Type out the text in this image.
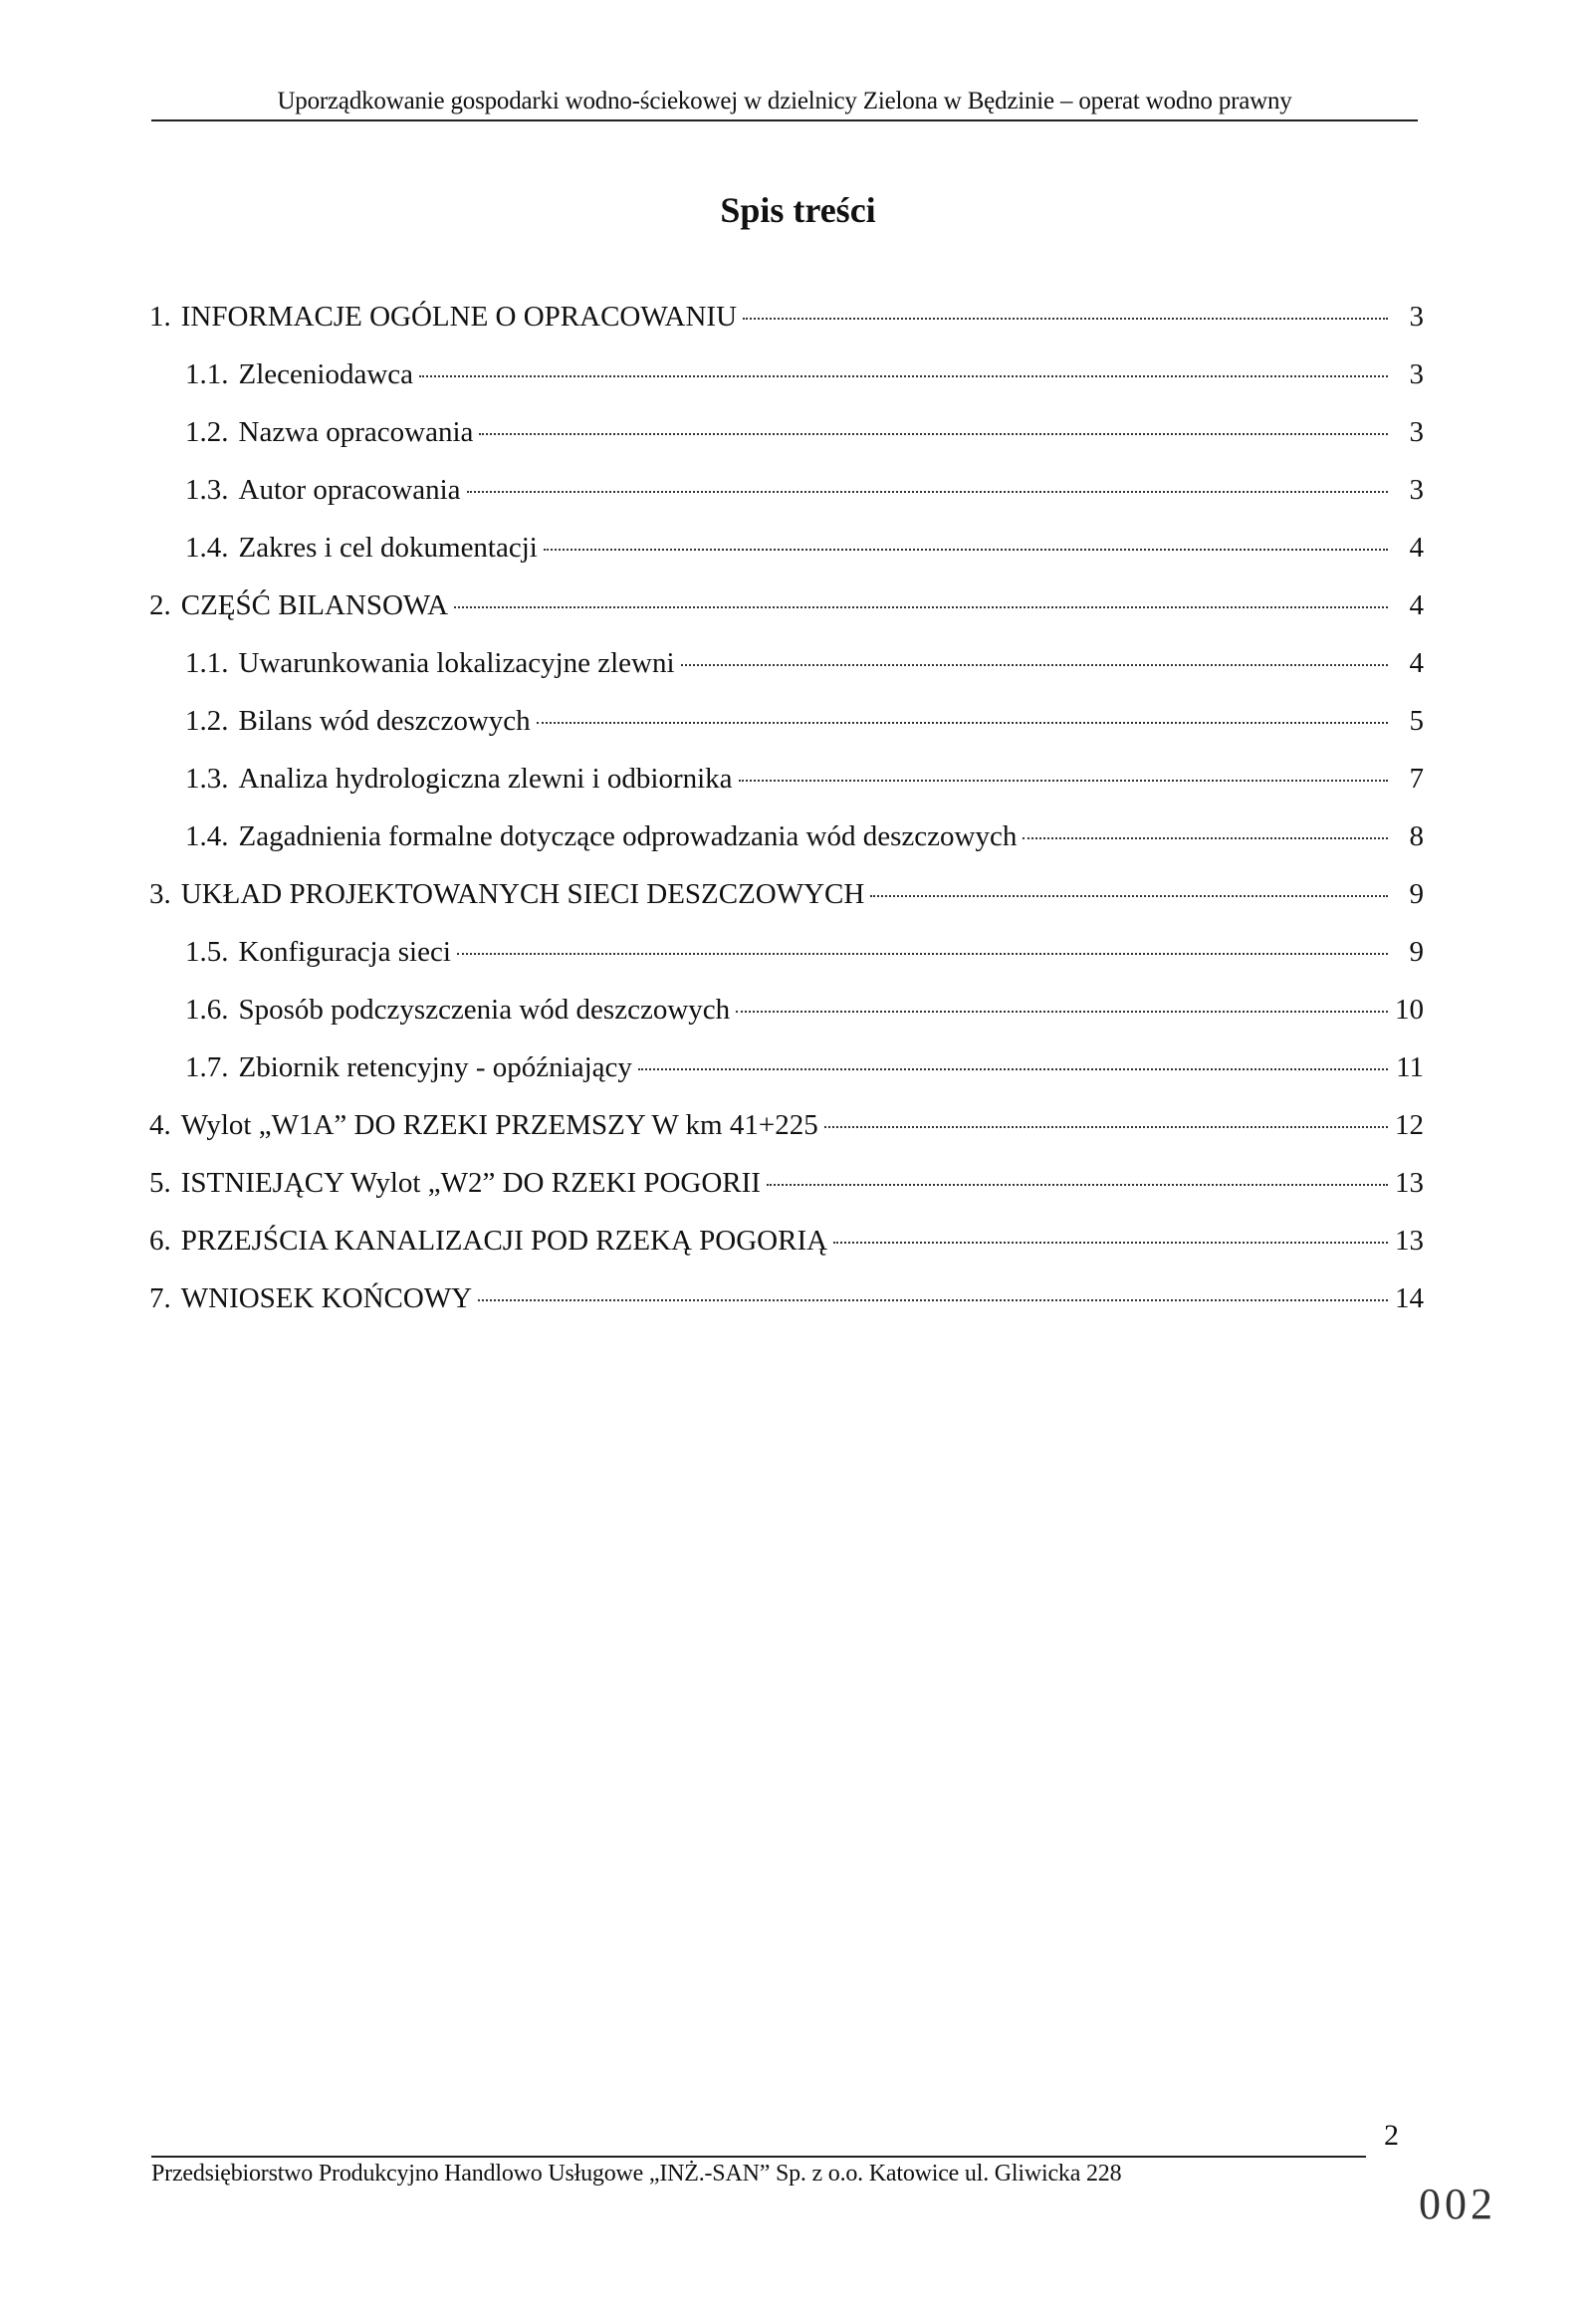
Uporządkowanie gospodarki wodno-ściekowej w dzielnicy Zielona w Będzinie – operat wodno prawny
Spis treści
1. INFORMACJE OGÓLNE O OPRACOWANIU	3
1.1. Zleceniodawca	3
1.2. Nazwa opracowania	3
1.3. Autor opracowania	3
1.4. Zakres i cel dokumentacji	4
2. CZĘŚĆ BILANSOWA	4
1.1. Uwarunkowania lokalizacyjne zlewni	4
1.2. Bilans wód deszczowych	5
1.3. Analiza hydrologiczna zlewni i odbiornika	7
1.4. Zagadnienia formalne dotyczące odprowadzania wód deszczowych	8
3. UKŁAD PROJEKTOWANYCH SIECI DESZCZOWYCH	9
1.5. Konfiguracja sieci	9
1.6. Sposób podczyszczenia wód deszczowych	10
1.7. Zbiornik retencyjny - opóźniający	11
4. Wylot „W1A” DO RZEKI PRZEMSZY W km 41+225	12
5. ISTNIEJĄCY Wylot „W2” DO RZEKI POGORII	13
6. PRZEJŚCIA KANALIZACJI POD RZEKĄ POGORIĄ	13
7. WNIOSEK KOŃCOWY	14
2
Przedsiębiorstwo Produkcyjno Handlowo Usługowe „INŻ.-SAN” Sp. z o.o. Katowice ul. Gliwicka 228
002
